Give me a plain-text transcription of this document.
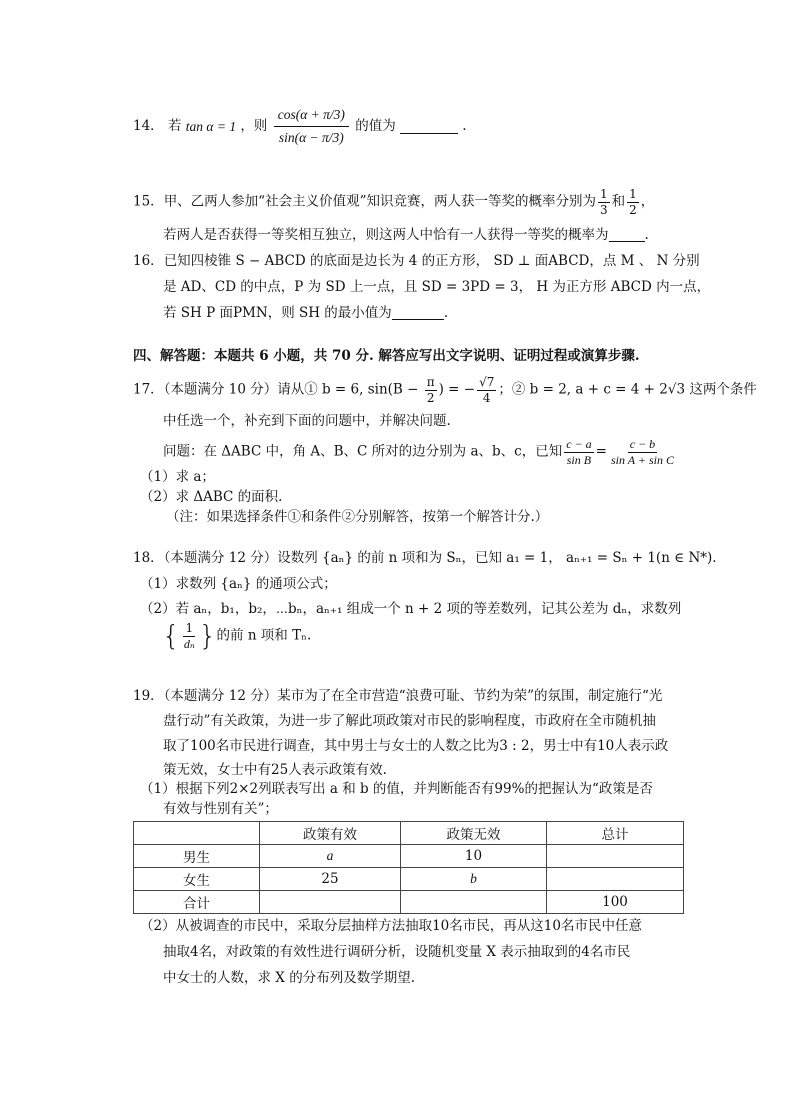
14． 若 tan α = 1 ，则 $\frac{\cos(\alpha + \pi/3)}{\sin(\alpha - \pi/3)}$ 的值为	.
15．甲、乙两人参加“社会主义价值观”知识竞赛，两人获一等奖的概率分别为 $\frac{1}{3}$ 和 $\frac{1}{2}$ ，
若两人是否获得一等奖相互独立，则这两人中恰有一人获得一等奖的概率为	.
16．已知四棱锥 S − ABCD 的底面是边长为 4 的正方形， SD ⊥ 面ABCD，点 M 、 N 分别
是 AD、CD 的中点，P 为 SD 上一点，且 SD = 3PD = 3， H 为正方形 ABCD 内一点，
若 SH P 面PMN，则 SH 的最小值为	.
四、解答题：本题共 6 小题，共 70 分. 解答应写出文字说明、证明过程或演算步骤.
17．（本题满分 10 分）请从① b = 6, $\sin(B - \frac{\pi}{2}$ ) = − $\frac{√7}{4}$ ；② b = 2, a + c = 4 + 2√3 这两个条件
中任选一个，补充到下面的问题中，并解决问题.
问题：在 ΔABC 中，角 A、B、C 所对的边分别为 a、b、c，已知 $\frac{c - a}{\text{sin B}} = \frac{c - b}{\text{sin A + sin C}}$
（1）求 a；
（2）求 ΔABC 的面积.
（注：如果选择条件①和条件②分别解答，按第一个解答计分.）
18．（本题满分 12 分）设数列 {aₙ} 的前 n 项和为 Sₙ，已知 a₁ = 1， aₙ₊₁ = Sₙ + 1(n ∈ N*).
（1）求数列 {aₙ} 的通项公式；
（2）若 aₙ，b₁，b₂，⋯bₙ，aₙ₊₁ 组成一个 n + 2 项的等差数列，记其公差为 dₙ，求数列
{ $\frac{1}{\text{dₙ}}$ }的前 n 项和 Tₙ.
19．（本题满分 12 分）某市为了在全市营造“浪费可耻、节约为荣”的氛围，制定施行“光
盘行动”有关政策，为进一步了解此项政策对市民的影响程度，市政府在全市随机抽
取了100名市民进行调查，其中男士与女士的人数之比为3 : 2，男士中有10人表示政
策无效，女士中有25人表示政策有效.
（1）根据下列2×2列联表写出 a 和 b 的值，并判断能否有99%的把握认为“政策是否
有效与性别有关”；
	政策有效	政策无效	总计
男生	a	10	
女生	25	b	
合计			100
（2）从被调查的市民中，采取分层抽样方法抽取10名市民，再从这10名市民中任意
抽取4名，对政策的有效性进行调研分析，设随机变量 X 表示抽取到的4名市民
中女士的人数，求 X 的分布列及数学期望.
